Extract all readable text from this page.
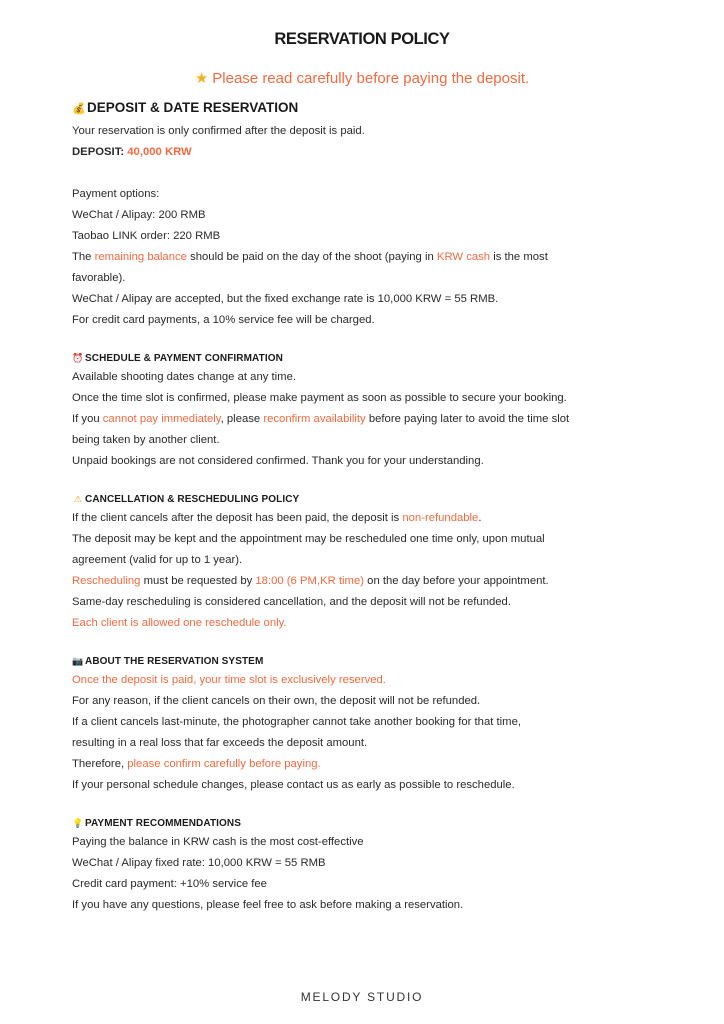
RESERVATION POLICY
★ Please read carefully before paying the deposit.
💰DEPOSIT & DATE RESERVATION
Your reservation is only confirmed after the deposit is paid.
DEPOSIT: 40,000 KRW
Payment options:
WeChat / Alipay: 200 RMB
Taobao LINK order: 220 RMB
The remaining balance should be paid on the day of the shoot (paying in KRW cash is the most
favorable).
WeChat / Alipay are accepted, but the fixed exchange rate is 10,000 KRW = 55 RMB.
For credit card payments, a 10% service fee will be charged.
⏰SCHEDULE & PAYMENT CONFIRMATION
Available shooting dates change at any time.
Once the time slot is confirmed, please make payment as soon as possible to secure your booking.
If you cannot pay immediately, please reconfirm availability before paying later to avoid the time slot
being taken by another client.
Unpaid bookings are not considered confirmed. Thank you for your understanding.
⚠ CANCELLATION & RESCHEDULING POLICY
If the client cancels after the deposit has been paid, the deposit is non-refundable.
The deposit may be kept and the appointment may be rescheduled one time only, upon mutual
agreement (valid for up to 1 year).
Rescheduling must be requested by 18:00 (6 PM,KR time) on the day before your appointment.
Same-day rescheduling is considered cancellation, and the deposit will not be refunded.
Each client is allowed one reschedule only.
📷ABOUT THE RESERVATION SYSTEM
Once the deposit is paid, your time slot is exclusively reserved.
For any reason, if the client cancels on their own, the deposit will not be refunded.
If a client cancels last-minute, the photographer cannot take another booking for that time,
resulting in a real loss that far exceeds the deposit amount.
Therefore, please confirm carefully before paying.
If your personal schedule changes, please contact us as early as possible to reschedule.
💡PAYMENT RECOMMENDATIONS
Paying the balance in KRW cash is the most cost-effective
WeChat / Alipay fixed rate: 10,000 KRW = 55 RMB
Credit card payment: +10% service fee
If you have any questions, please feel free to ask before making a reservation.
MELODY STUDIO
